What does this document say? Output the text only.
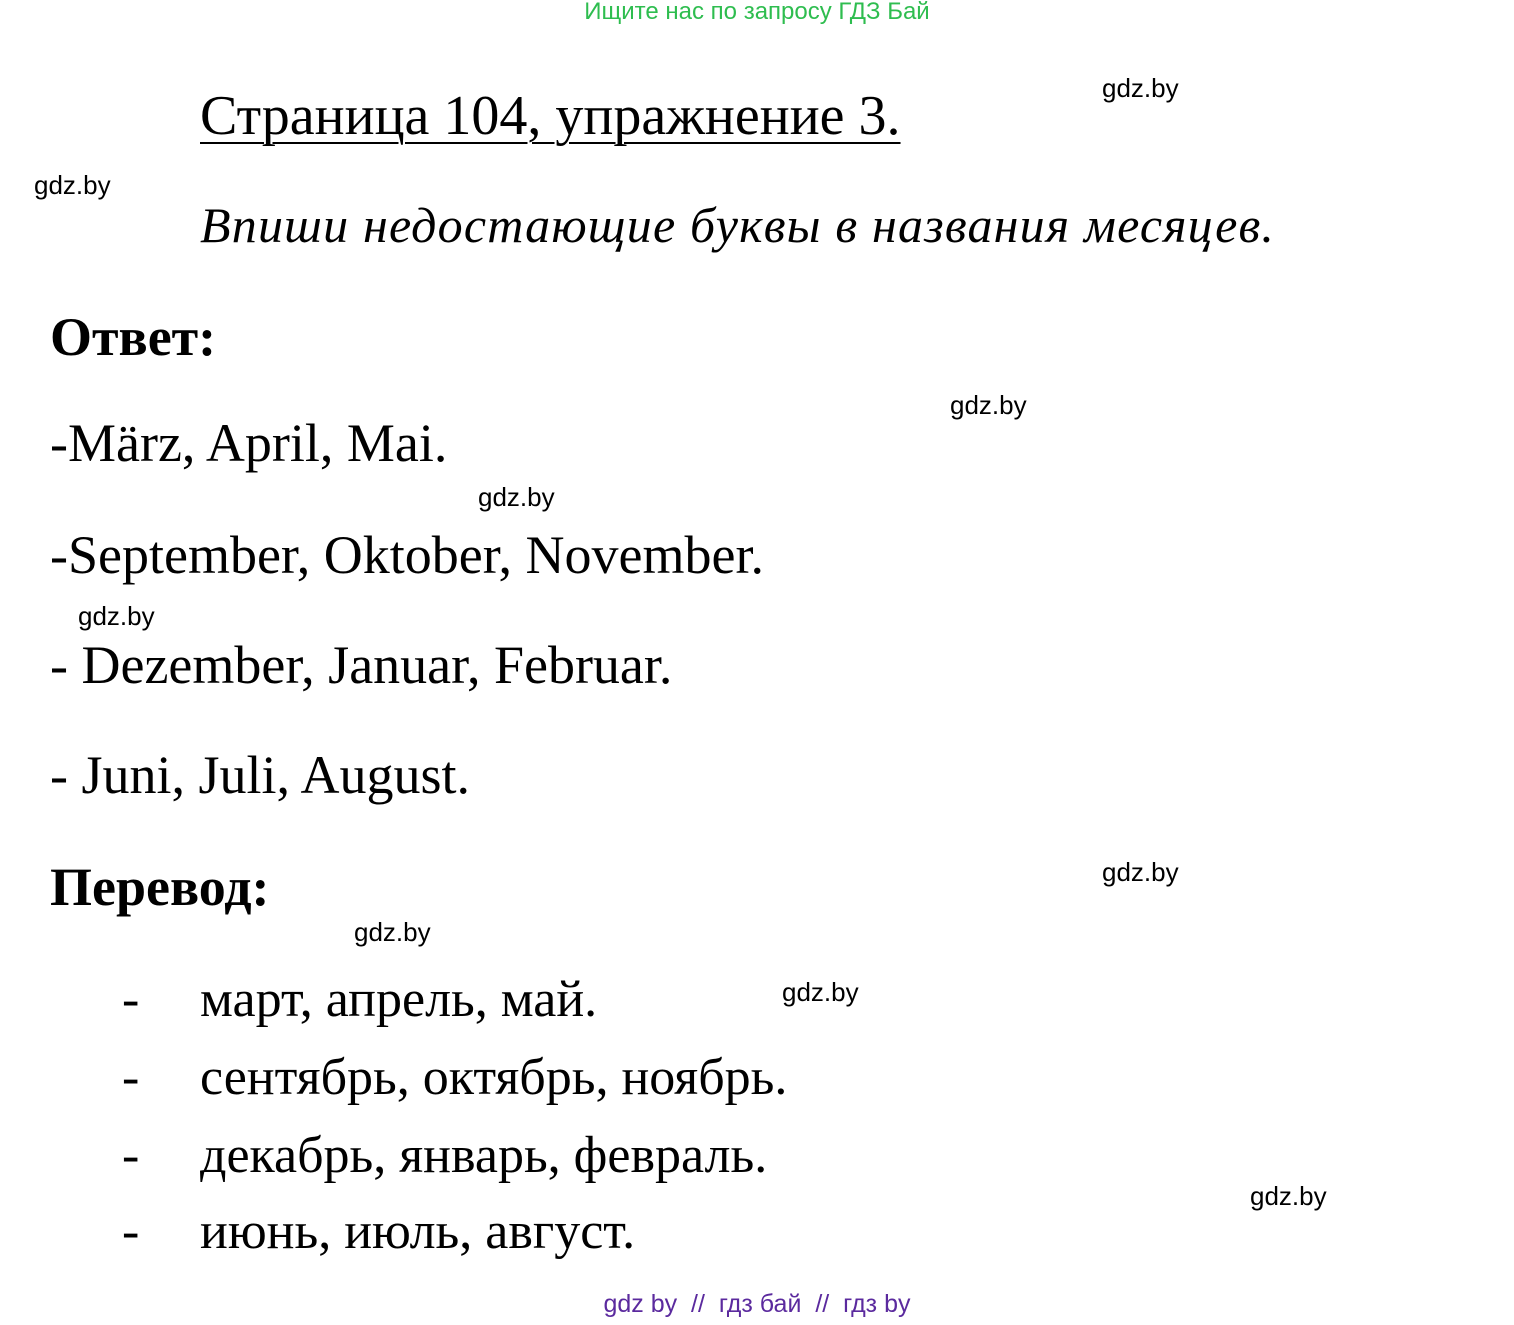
Ищите нас по запросу ГДЗ Бай
gdz.by
gdz.by
gdz.by
gdz.by
gdz.by
gdz.by
gdz.by
gdz.by
gdz.by
Страница 104, упражнение 3.
Впиши недостающие буквы в названия месяцев.
Ответ:
-März, April, Mai.
-September, Oktober, November.
- Dezember, Januar, Februar.
- Juni, Juli, August.
Перевод:
- март, апрель, май.
- сентябрь, октябрь, ноябрь.
- декабрь, январь, февраль.
- июнь, июль, август.
gdz by  //  гдз бай  //  гдз by
